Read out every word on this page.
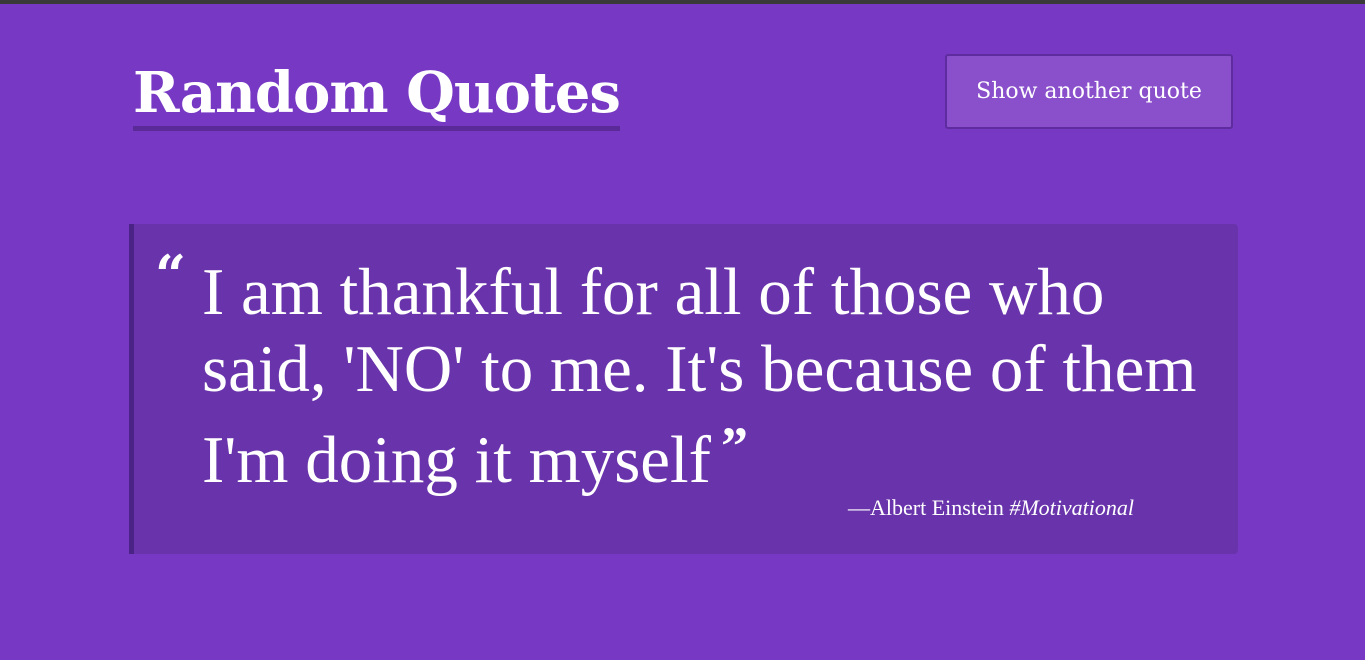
Random Quotes	Show another quote
“ I am thankful for all of those who said, 'NO' to me. It's because of them I'm doing it myself ”

—Albert Einstein #Motivational
